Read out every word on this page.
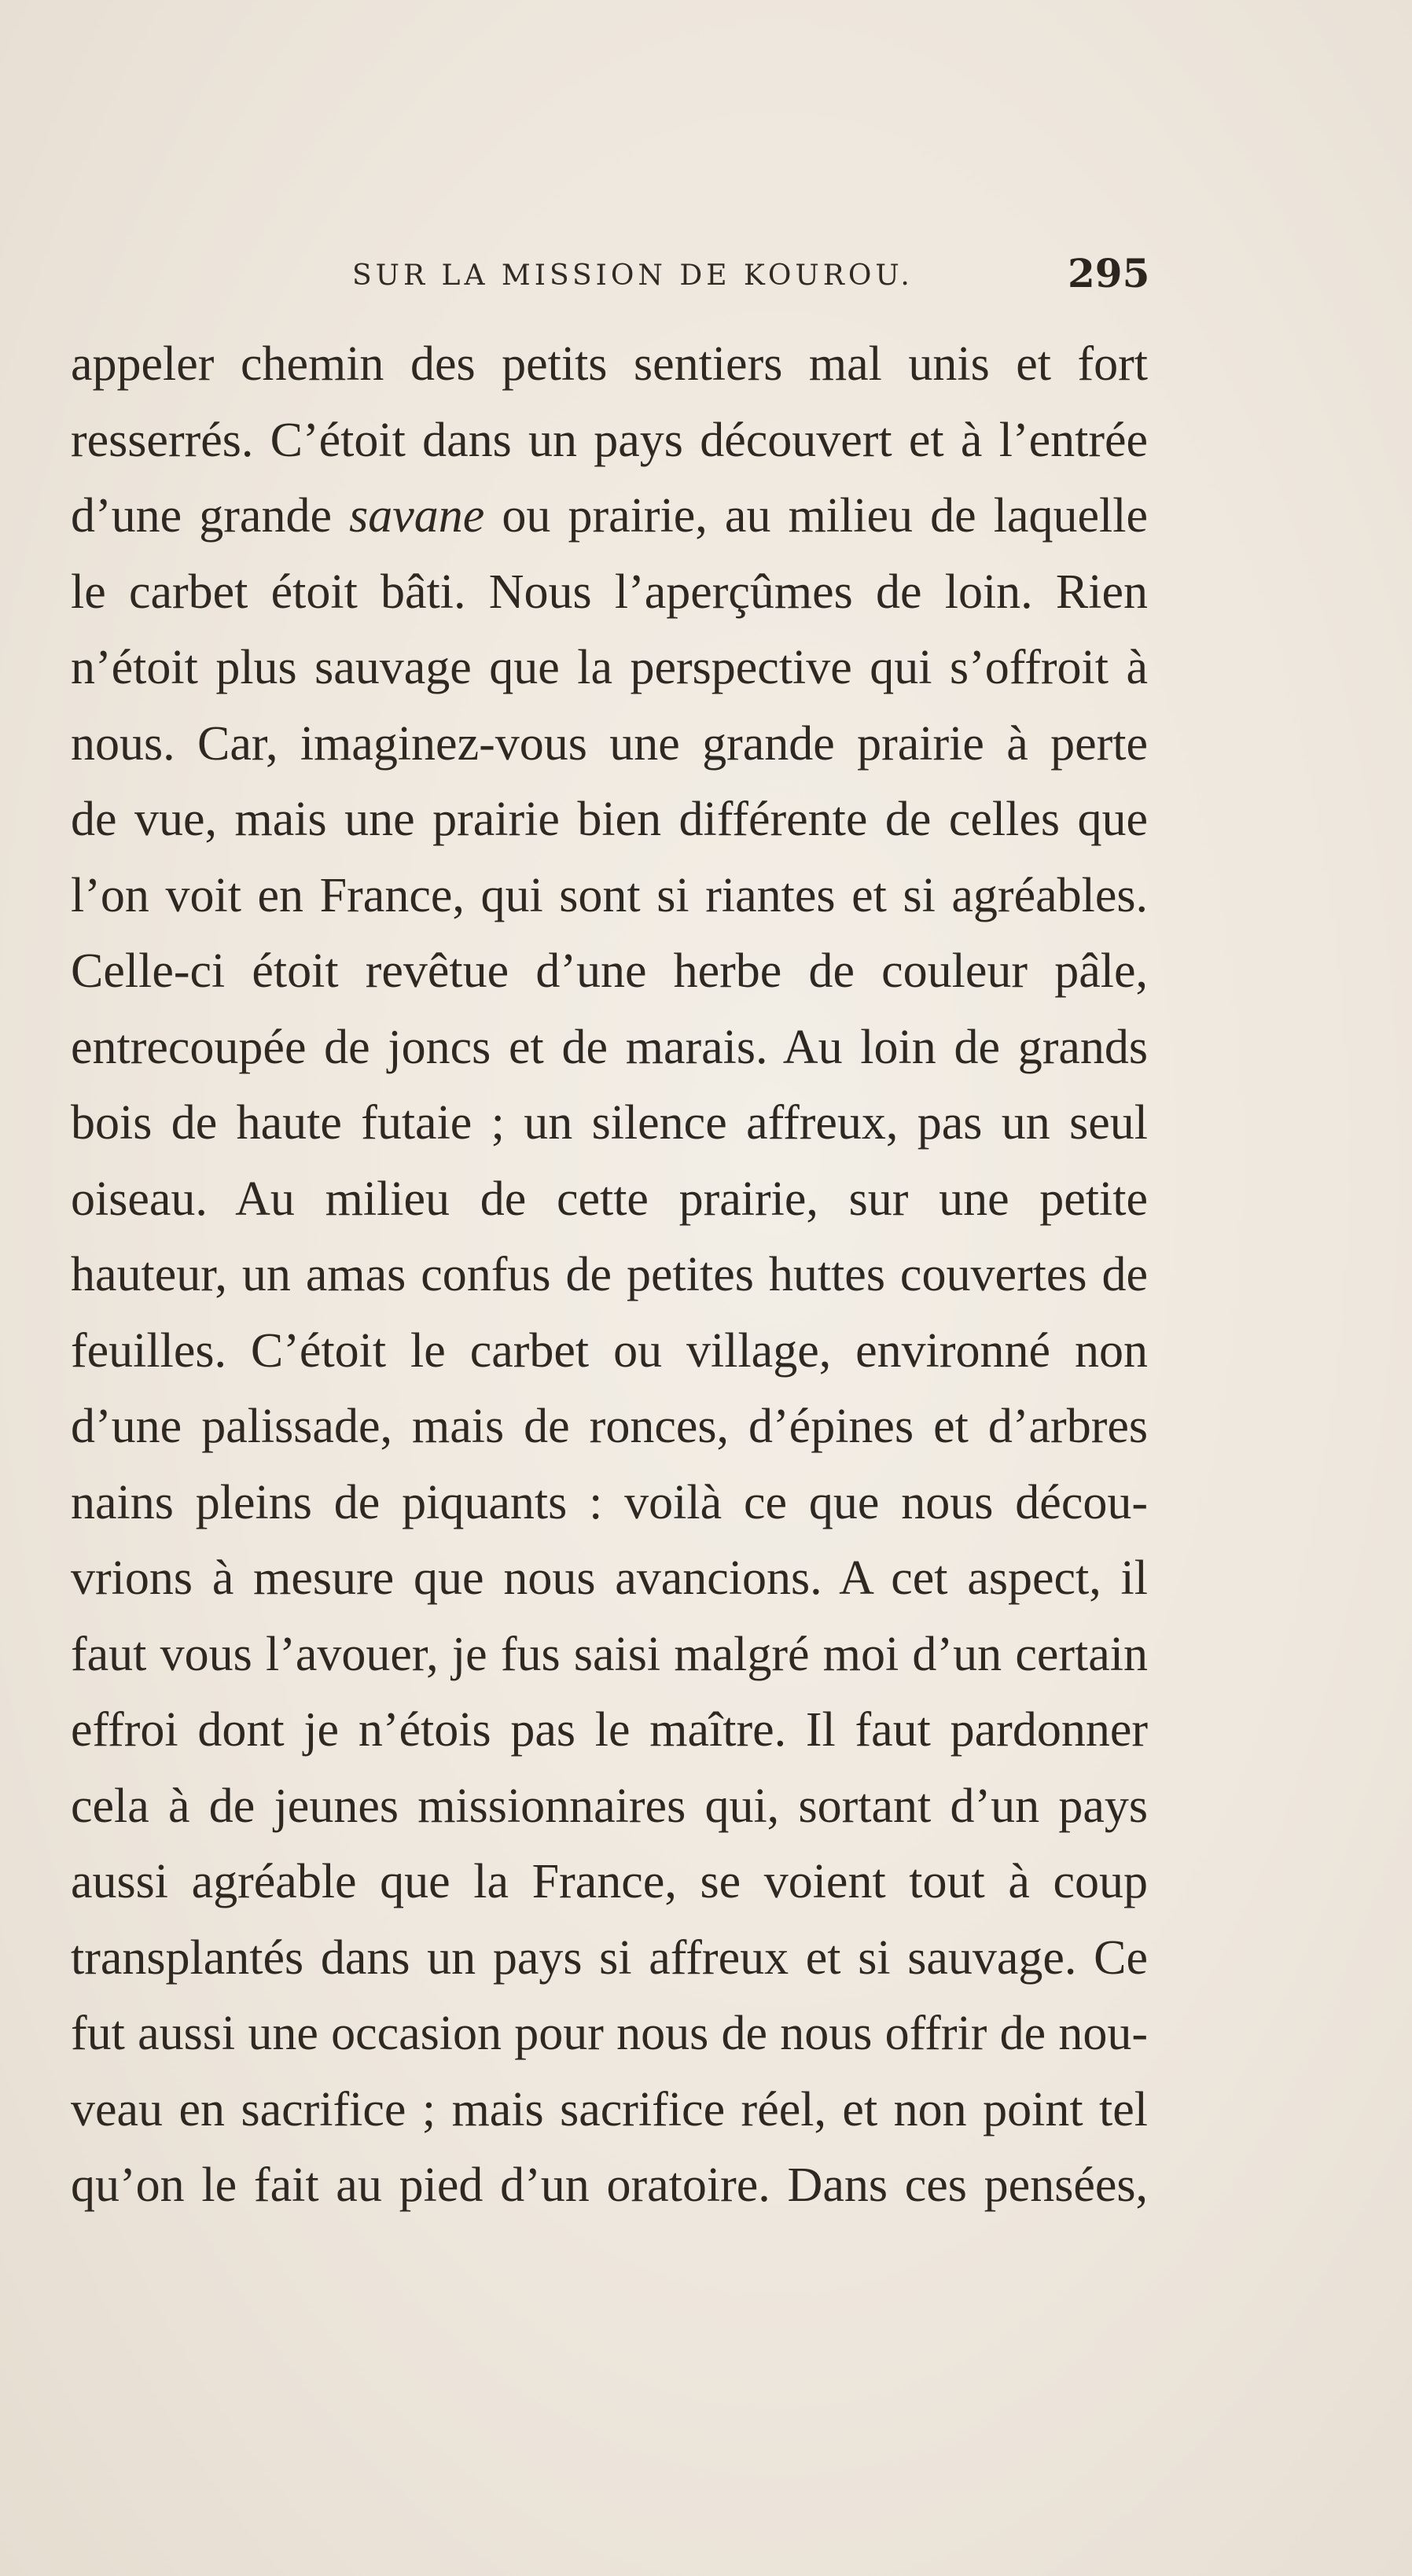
SUR LA MISSION DE KOUROU.	295
appeler chemin des petits sentiers mal unis et fort
resserrés. C’étoit dans un pays découvert et à l’entrée
d’une grande savane ou prairie, au milieu de laquelle
le carbet étoit bâti. Nous l’aperçûmes de loin. Rien
n’étoit plus sauvage que la perspective qui s’offroit à
nous. Car, imaginez-vous une grande prairie à perte
de vue, mais une prairie bien différente de celles que
l’on voit en France, qui sont si riantes et si agréables.
Celle-ci étoit revêtue d’une herbe de couleur pâle,
entrecoupée de joncs et de marais. Au loin de grands
bois de haute futaie ; un silence affreux, pas un seul
oiseau. Au milieu de cette prairie, sur une petite
hauteur, un amas confus de petites huttes couvertes de
feuilles. C’étoit le carbet ou village, environné non
d’une palissade, mais de ronces, d’épines et d’arbres
nains pleins de piquants : voilà ce que nous décou-
vrions à mesure que nous avancions. A cet aspect, il
faut vous l’avouer, je fus saisi malgré moi d’un certain
effroi dont je n’étois pas le maître. Il faut pardonner
cela à de jeunes missionnaires qui, sortant d’un pays
aussi agréable que la France, se voient tout à coup
transplantés dans un pays si affreux et si sauvage. Ce
fut aussi une occasion pour nous de nous offrir de nou-
veau en sacrifice ; mais sacrifice réel, et non point tel
qu’on le fait au pied d’un oratoire. Dans ces pensées,
